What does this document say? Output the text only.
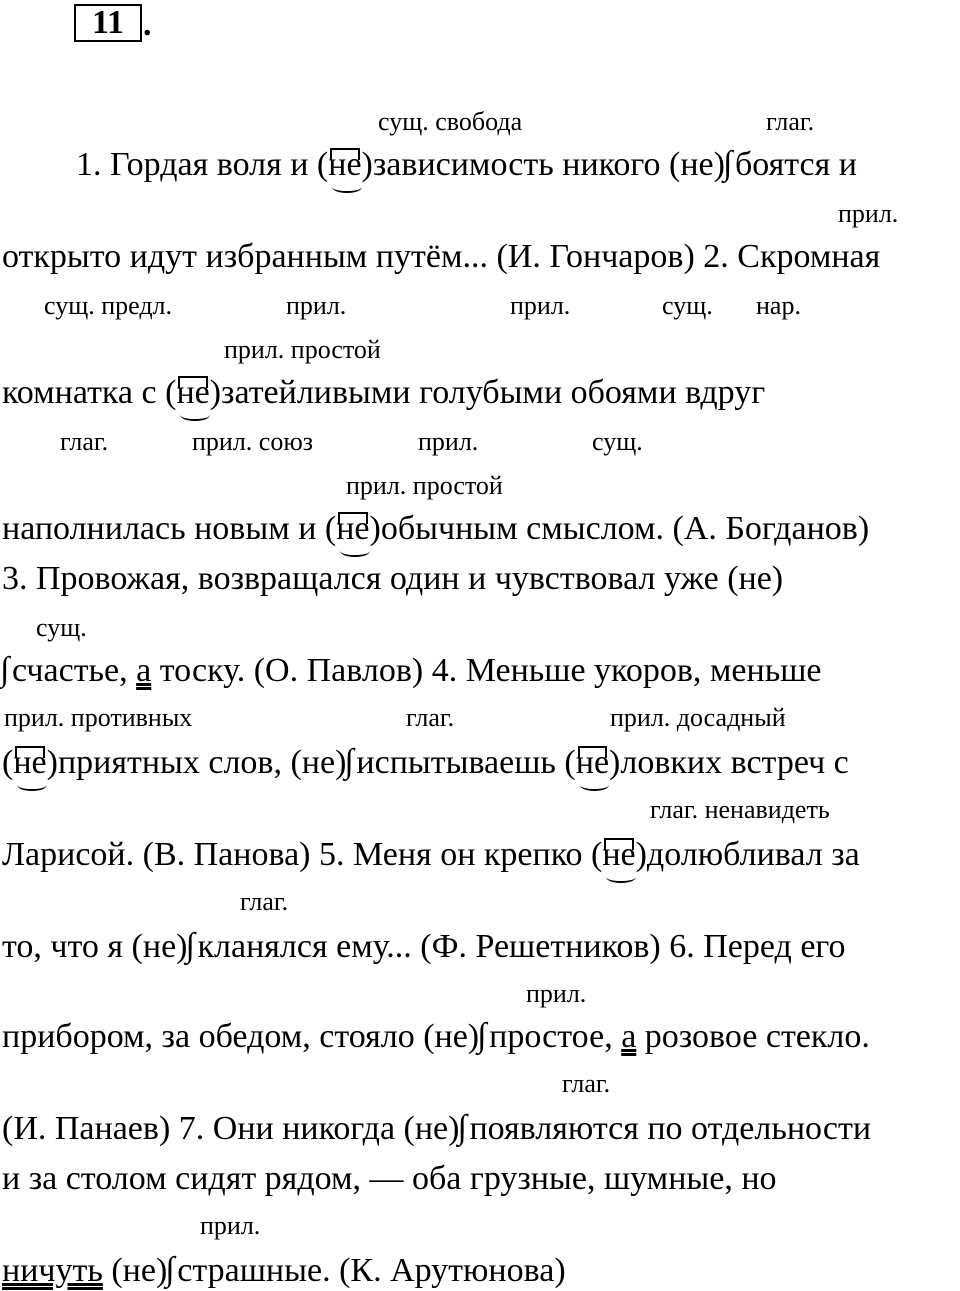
11 .
сущ. свобода	глаг.
прил.
сущ. предл.	прил.	прил.	сущ. нар.
прил. простой
глаг.	прил. союз	прил.	сущ.
прил. простой
сущ.
прил. противных	глаг.	прил. досадный
глаг. ненавидеть
глаг.
прил.
глаг.
прил.
1. Гордая воля и (не)зависимость никого (не) боятся и
открыто идут избранным путём... (И. Гончаров) 2. Скромная
комнатка с (не)затейливыми голубыми обоями вдруг
наполнилась новым и (не)обычным смыслом. (А. Богданов)
3. Провожая, возвращался один и чувствовал уже (не)
счастье, а тоску. (О. Павлов) 4. Меньше укоров, меньше
(не)приятных слов, (не) испытываешь (не)ловких встреч с
Ларисой. (В. Панова) 5. Меня он крепко (не)долюбливал за
то, что я (не) кланялся ему... (Ф. Решетников) 6. Перед его
прибором, за обедом, стояло (не) простое, а розовое стекло.
(И. Панаев) 7. Они никогда (не) появляются по отдельности
и за столом сидят рядом, — оба грузные, шумные, но
ничуть (не) страшные. (К. Арутюнова)
